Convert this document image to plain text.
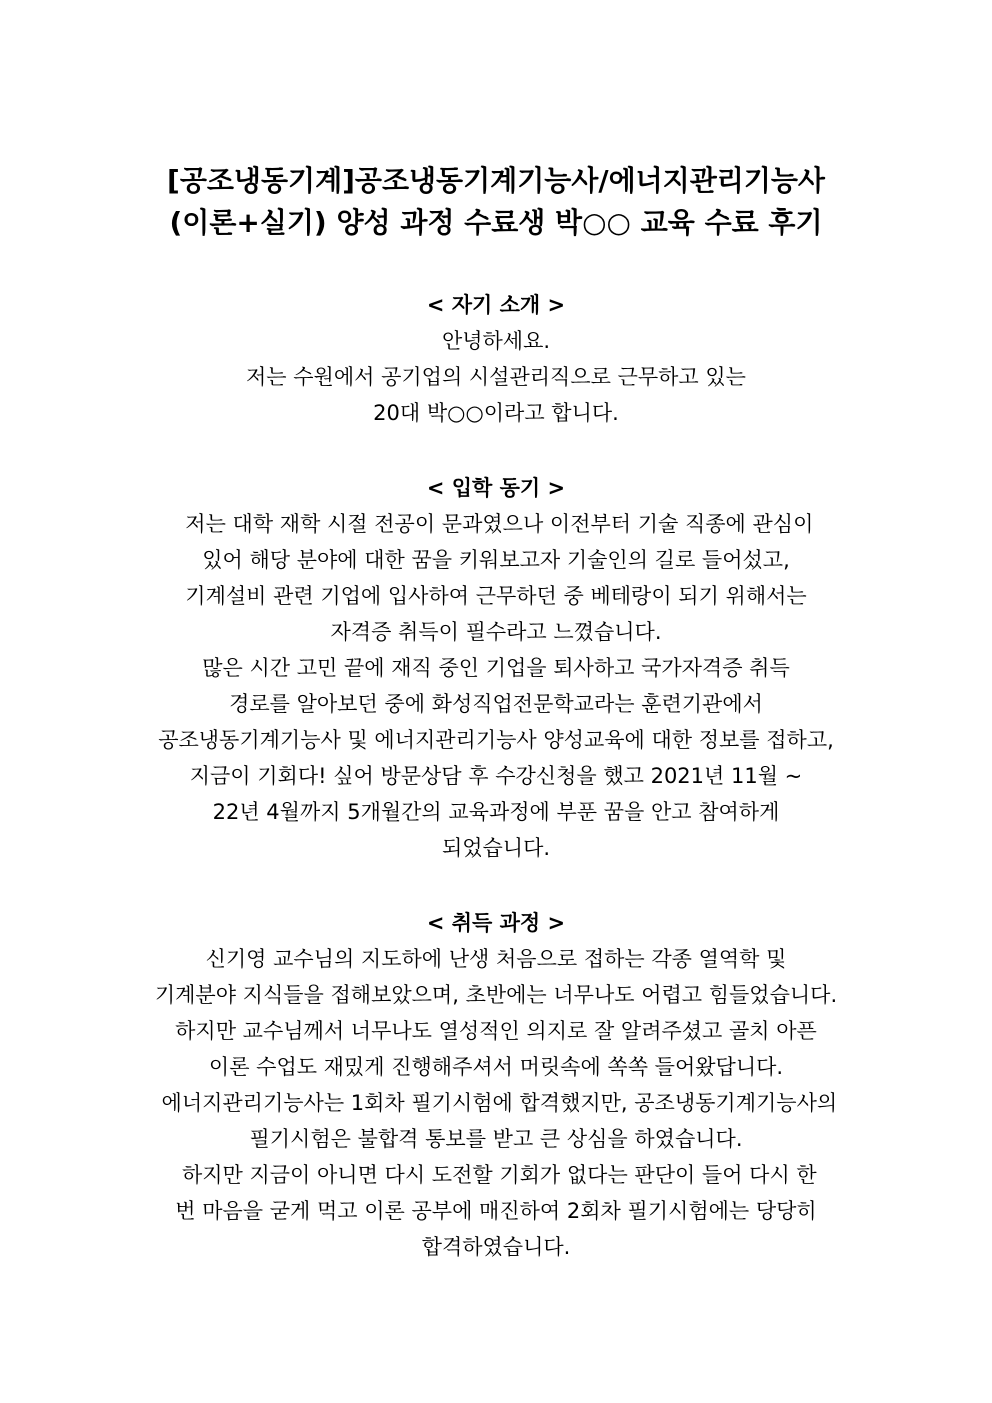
[공조냉동기계]공조냉동기계기능사/에너지관리기능사
(이론+실기) 양성 과정 수료생 박○○ 교육 수료 후기
< 자기 소개 >
안녕하세요.
저는 수원에서 공기업의 시설관리직으로 근무하고 있는
20대 박○○이라고 합니다.
< 입학 동기 >
저는 대학 재학 시절 전공이 문과였으나 이전부터 기술 직종에 관심이
있어 해당 분야에 대한 꿈을 키워보고자 기술인의 길로 들어섰고,
기계설비 관련 기업에 입사하여 근무하던 중 베테랑이 되기 위해서는
자격증 취득이 필수라고 느꼈습니다.
많은 시간 고민 끝에 재직 중인 기업을 퇴사하고 국가자격증 취득
경로를 알아보던 중에 화성직업전문학교라는 훈련기관에서
공조냉동기계기능사 및 에너지관리기능사 양성교육에 대한 정보를 접하고,
지금이 기회다! 싶어 방문상담 후 수강신청을 했고 2021년 11월 ~
22년 4월까지 5개월간의 교육과정에 부푼 꿈을 안고 참여하게
되었습니다.
< 취득 과정 >
신기영 교수님의 지도하에 난생 처음으로 접하는 각종 열역학 및
기계분야 지식들을 접해보았으며, 초반에는 너무나도 어렵고 힘들었습니다.
하지만 교수님께서 너무나도 열성적인 의지로 잘 알려주셨고 골치 아픈
이론 수업도 재밌게 진행해주셔서 머릿속에 쏙쏙 들어왔답니다.
에너지관리기능사는 1회차 필기시험에 합격했지만, 공조냉동기계기능사의
필기시험은 불합격 통보를 받고 큰 상심을 하였습니다.
하지만 지금이 아니면 다시 도전할 기회가 없다는 판단이 들어 다시 한
번 마음을 굳게 먹고 이론 공부에 매진하여 2회차 필기시험에는 당당히
합격하였습니다.
